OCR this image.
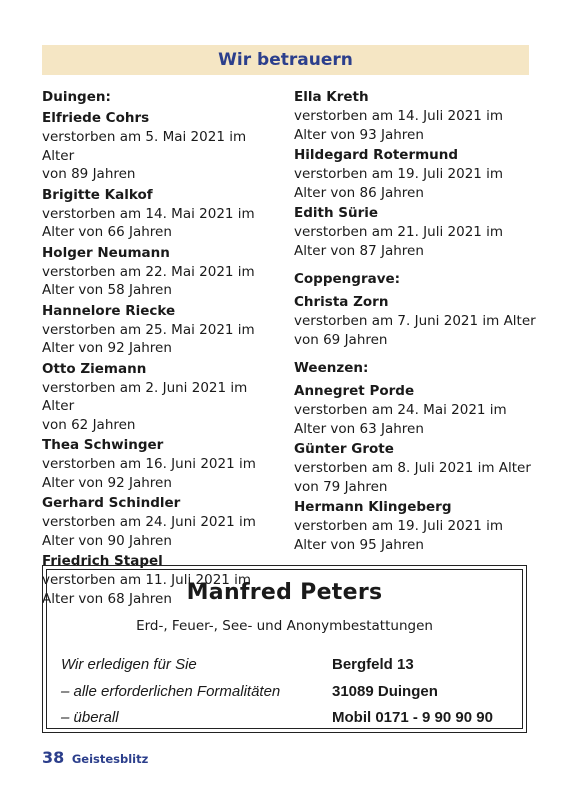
Wir betrauern
Duingen:
Elfriede Cohrs
verstorben am 5. Mai 2021 im Alter
von 89 Jahren
Brigitte Kalkof
verstorben am 14. Mai 2021 im
Alter von 66 Jahren
Holger Neumann
verstorben am 22. Mai 2021 im
Alter von 58 Jahren
Hannelore Riecke
verstorben am 25. Mai 2021 im
Alter von 92 Jahren
Otto Ziemann
verstorben am 2. Juni 2021 im Alter
von 62 Jahren
Thea Schwinger
verstorben am 16. Juni 2021 im
Alter von 92 Jahren
Gerhard Schindler
verstorben am 24. Juni 2021 im
Alter von 90 Jahren
Friedrich Stapel
verstorben am 11. Juli 2021 im
Alter von 68 Jahren
Ella Kreth
verstorben am 14. Juli 2021 im
Alter von 93 Jahren
Hildegard Rotermund
verstorben am 19. Juli 2021 im
Alter von 86 Jahren
Edith Sürie
verstorben am 21. Juli 2021 im
Alter von 87 Jahren
Coppengrave:
Christa Zorn
verstorben am 7. Juni 2021 im Alter
von 69 Jahren
Weenzen:
Annegret Porde
verstorben am 24. Mai 2021 im
Alter von 63 Jahren
Günter Grote
verstorben am 8. Juli 2021 im Alter
von 79 Jahren
Hermann Klingeberg
verstorben am 19. Juli 2021 im
Alter von 95 Jahren
Manfred Peters
Erd-, Feuer-, See- und Anonymbestattungen
Wir erledigen für Sie
– alle erforderlichen Formalitäten
– überall
Bergfeld 13
31089 Duingen
Mobil 0171 - 9 90 90 90
38 Geistesblitz
